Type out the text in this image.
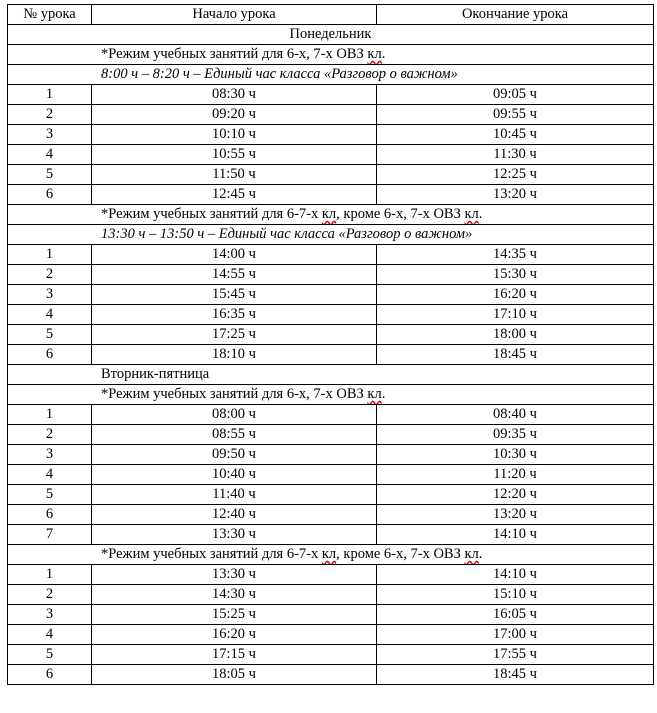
№ урока	Начало урока	Окончание урока
Понедельник		
*Режим учебных занятий для 6-х, 7-х ОВЗ кл.		
8:00 ч – 8:20 ч – Единый час класса «Разговор о важном»		
1	08:30 ч	09:05 ч
2	09:20 ч	09:55 ч
3	10:10 ч	10:45 ч
4	10:55 ч	11:30 ч
5	11:50 ч	12:25 ч
6	12:45 ч	13:20 ч
*Режим учебных занятий для 6-7-х кл, кроме 6-х, 7-х ОВЗ кл.		
13:30 ч – 13:50 ч – Единый час класса «Разговор о важном»		
1	14:00 ч	14:35 ч
2	14:55 ч	15:30 ч
3	15:45 ч	16:20 ч
4	16:35 ч	17:10 ч
5	17:25 ч	18:00 ч
6	18:10 ч	18:45 ч
Вторник-пятница		
*Режим учебных занятий для 6-х, 7-х ОВЗ кл.		
1	08:00 ч	08:40 ч
2	08:55 ч	09:35 ч
3	09:50 ч	10:30 ч
4	10:40 ч	11:20 ч
5	11:40 ч	12:20 ч
6	12:40 ч	13:20 ч
7	13:30 ч	14:10 ч
*Режим учебных занятий для 6-7-х кл, кроме 6-х, 7-х ОВЗ кл.		
1	13:30 ч	14:10 ч
2	14:30 ч	15:10 ч
3	15:25 ч	16:05 ч
4	16:20 ч	17:00 ч
5	17:15 ч	17:55 ч
6	18:05 ч	18:45 ч
